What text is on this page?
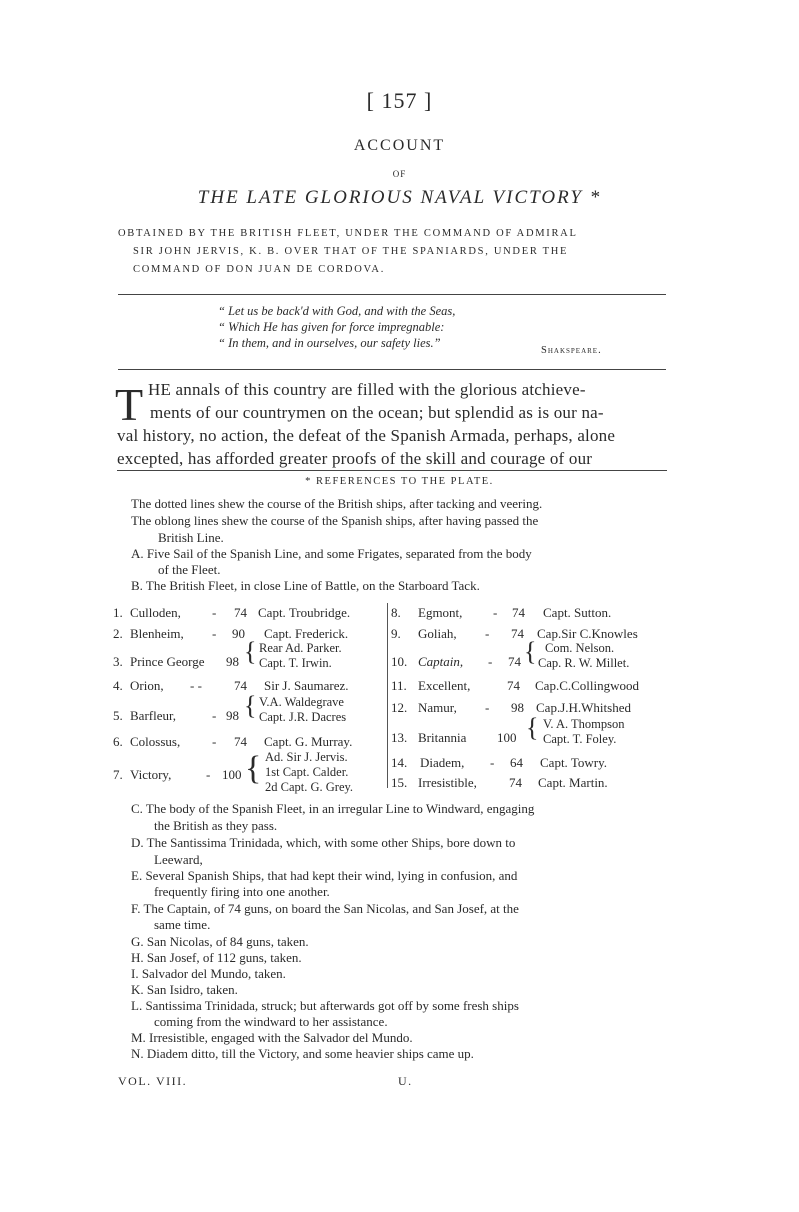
[ 157 ]
ACCOUNT
OF
THE LATE GLORIOUS NAVAL VICTORY *
OBTAINED BY THE BRITISH FLEET, UNDER THE COMMAND OF ADMIRAL
SIR JOHN JERVIS, K. B. OVER THAT OF THE SPANIARDS, UNDER THE
COMMAND OF DON JUAN DE CORDOVA.
“ Let us be back'd with God, and with the Seas,
“ Which He has given for force impregnable:
“ In them, and in ourselves, our safety lies.”
Shakspeare.
T HE annals of this country are filled with the glorious atchieve-
ments of our countrymen on the ocean; but splendid as is our na-
val history, no action, the defeat of the Spanish Armada, perhaps, alone
excepted, has afforded greater proofs of the skill and courage of our
* REFERENCES TO THE PLATE.
The dotted lines shew the course of the British ships, after tacking and veering.
The oblong lines shew the course of the Spanish ships, after having passed the
British Line.
A. Five Sail of the Spanish Line, and some Frigates, separated from the body
of the Fleet.
B. The British Fleet, in close Line of Battle, on the Starboard Tack.
1. Culloden, - 74 Capt. Troubridge.
2. Blenheim, - 90 Capt. Frederick.
3. Prince George 98 { Rear Ad. Parker.
Capt. T. Irwin.
4. Orion, - - 74 Sir J. Saumarez.
5. Barfleur,	- 98 { V.A. Waldegrave
Capt. J.R. Dacres
6. Colossus, - 74 Capt. G. Murray.
7. Victory,	- 100 { Ad. Sir J. Jervis.
1st Capt. Calder.
2d Capt. G. Grey.
8. Egmont, - 74 Capt. Sutton.
9. Goliah, - 74 Cap.Sir C.Knowles
10. Captain, - 74 { Com. Nelson.
Cap. R. W. Millet.
11. Excellent,	74 Cap.C.Collingwood
12. Namur, - 98 Cap.J.H.Whitshed
13. Britannia 100 { V. A. Thompson
Capt. T. Foley.
14. Diadem, - 64 Capt. Towry.
15. Irresistible, 74 Capt. Martin.
C. The body of the Spanish Fleet, in an irregular Line to Windward, engaging
the British as they pass.
D. The Santissima Trinidada, which, with some other Ships, bore down to
Leeward,
E. Several Spanish Ships, that had kept their wind, lying in confusion, and
frequently firing into one another.
F. The Captain, of 74 guns, on board the San Nicolas, and San Josef, at the
same time.
G. San Nicolas, of 84 guns, taken.
H. San Josef, of 112 guns, taken.
I. Salvador del Mundo, taken.
K. San Isidro, taken.
L. Santissima Trinidada, struck; but afterwards got off by some fresh ships
coming from the windward to her assistance.
M. Irresistible, engaged with the Salvador del Mundo.
N. Diadem ditto, till the Victory, and some heavier ships came up.
VOL. VIII.	U.
